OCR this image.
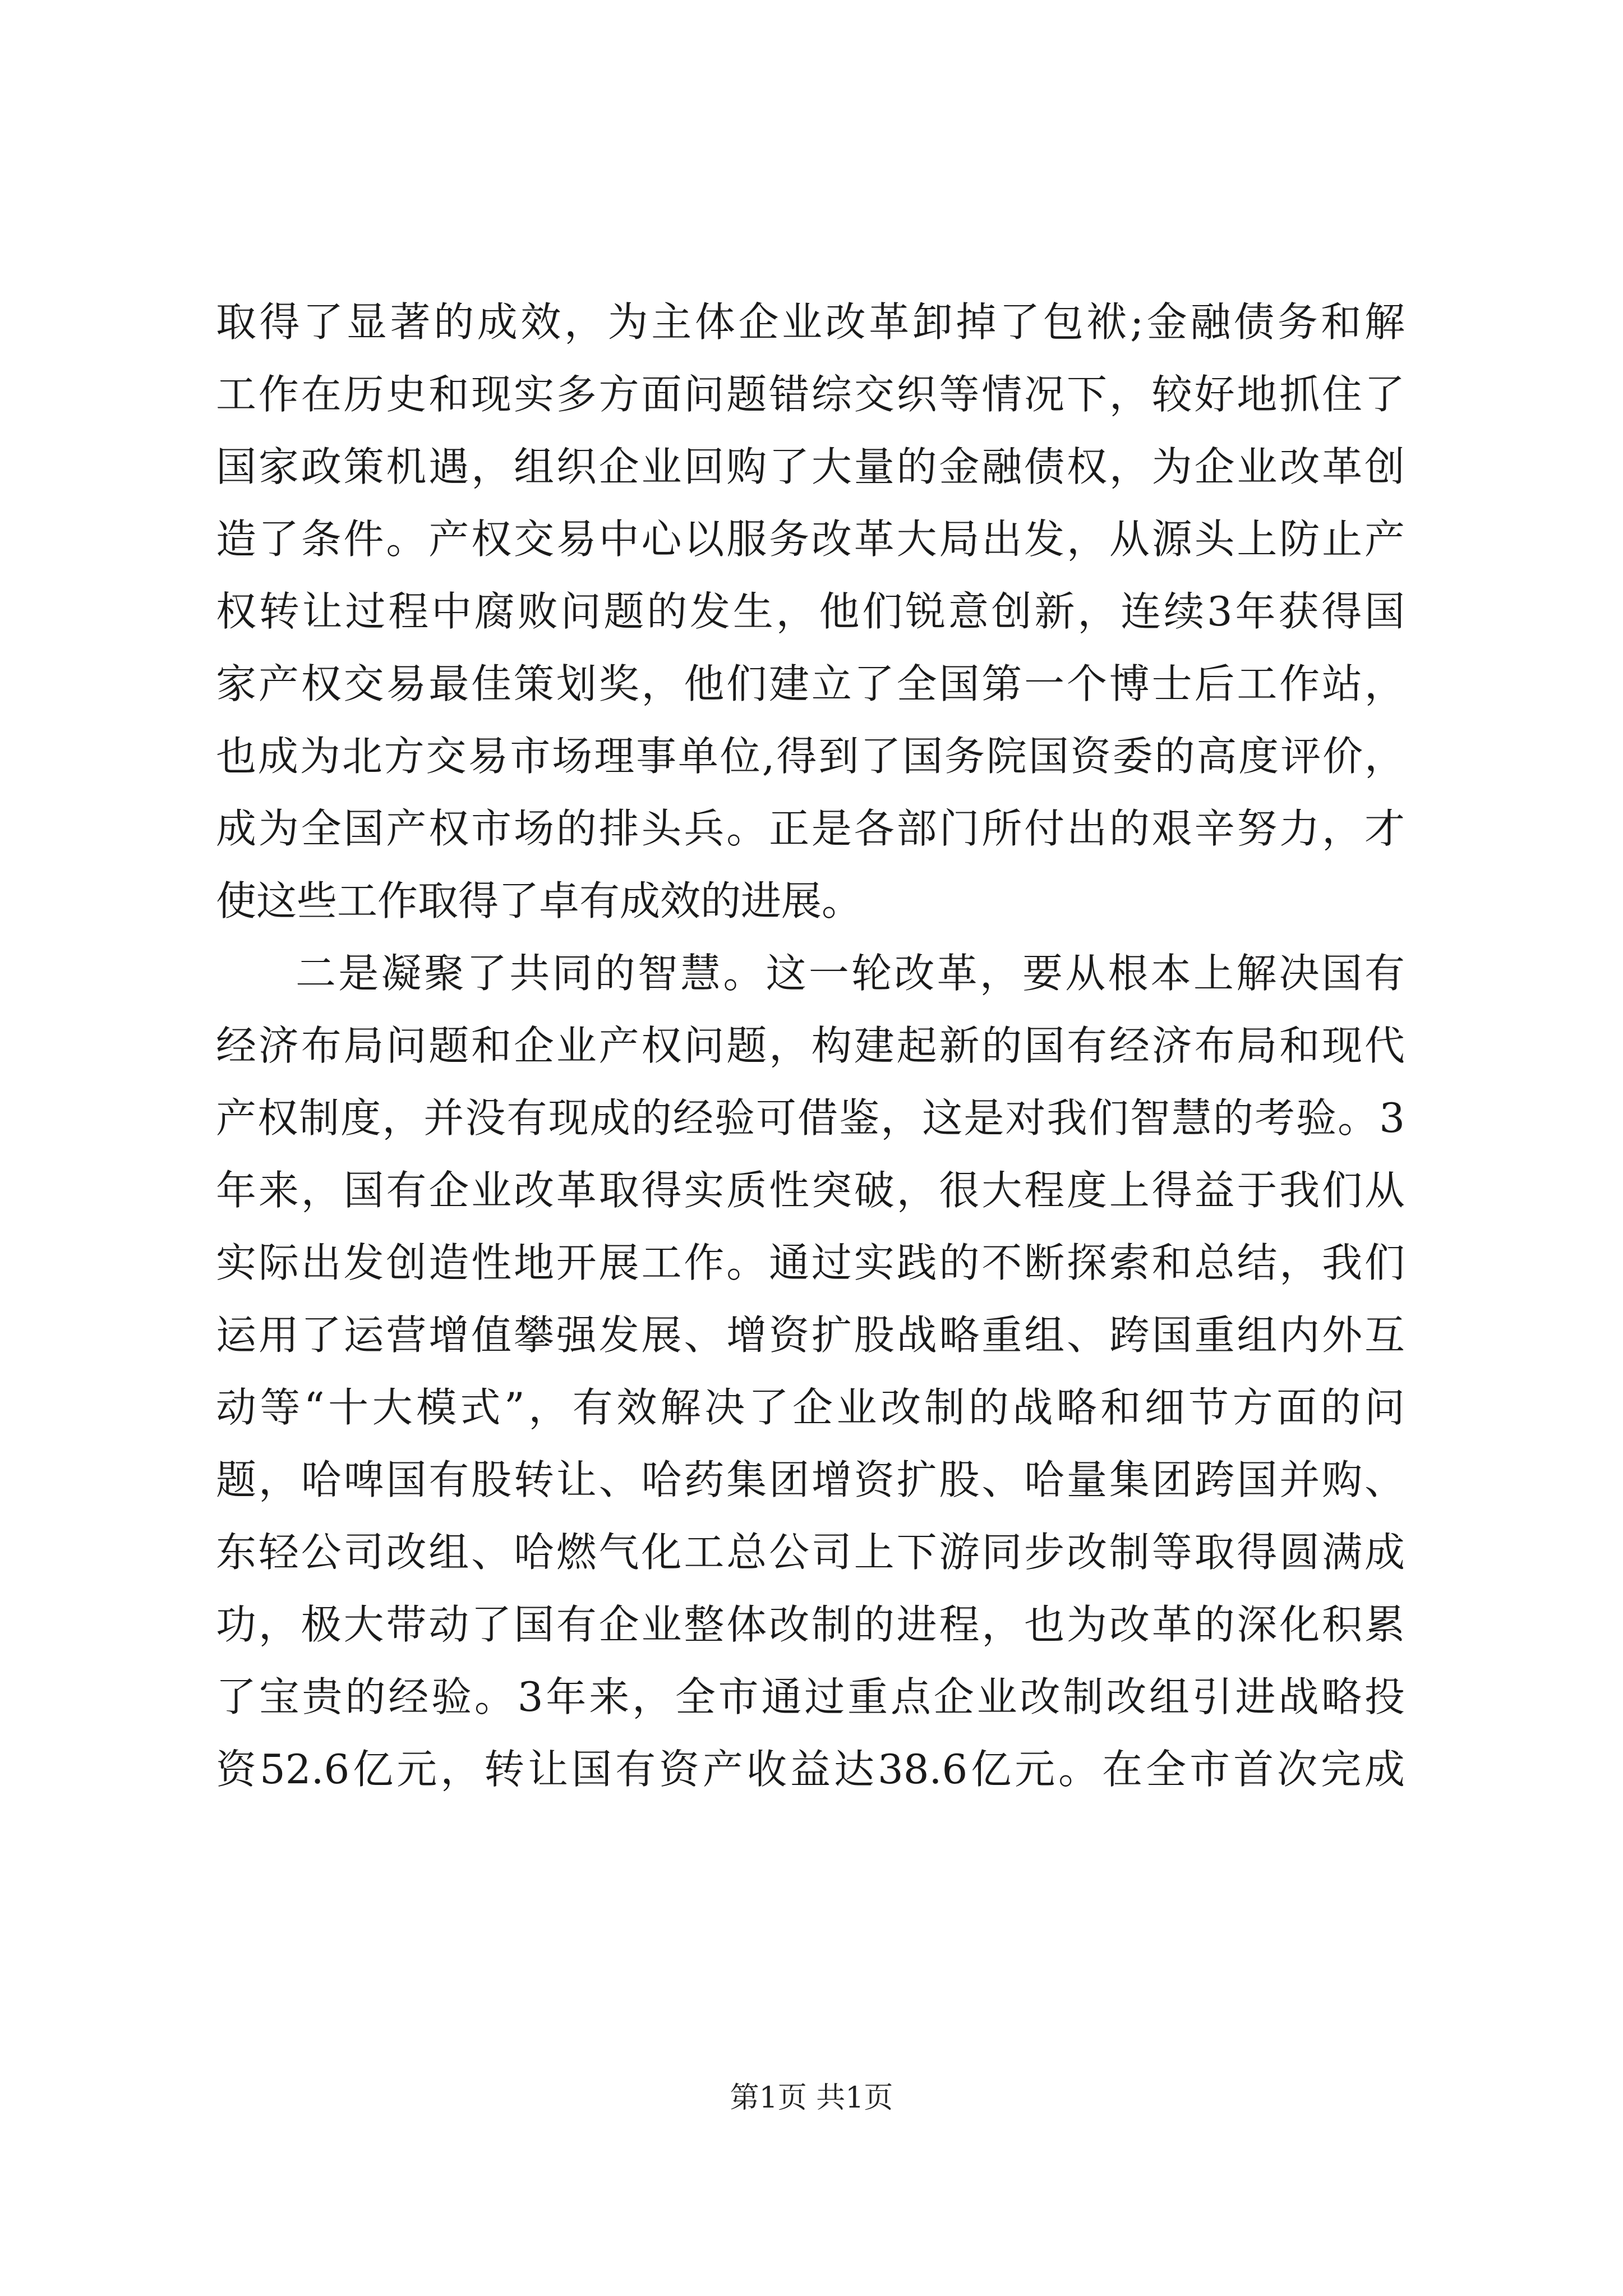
取得了显著的成效，为主体企业改革卸掉了包袱;金融债务和解
工作在历史和现实多方面问题错综交织等情况下，较好地抓住了
国家政策机遇，组织企业回购了大量的金融债权，为企业改革创
造了条件。产权交易中心以服务改革大局出发，从源头上防止产
权转让过程中腐败问题的发生，他们锐意创新，连续3年获得国
家产权交易最佳策划奖，他们建立了全国第一个博士后工作站，
也成为北方交易市场理事单位,得到了国务院国资委的高度评价，
成为全国产权市场的排头兵。正是各部门所付出的艰辛努力，才
使这些工作取得了卓有成效的进展。
二是凝聚了共同的智慧。这一轮改革，要从根本上解决国有
经济布局问题和企业产权问题，构建起新的国有经济布局和现代
产权制度，并没有现成的经验可借鉴，这是对我们智慧的考验。3
年来，国有企业改革取得实质性突破，很大程度上得益于我们从
实际出发创造性地开展工作。通过实践的不断探索和总结，我们
运用了运营增值攀强发展、增资扩股战略重组、跨国重组内外互
动等“十大模式”，有效解决了企业改制的战略和细节方面的问
题，哈啤国有股转让、哈药集团增资扩股、哈量集团跨国并购、
东轻公司改组、哈燃气化工总公司上下游同步改制等取得圆满成
功，极大带动了国有企业整体改制的进程，也为改革的深化积累
了宝贵的经验。3年来，全市通过重点企业改制改组引进战略投
资52.6亿元，转让国有资产收益达38.6亿元。在全市首次完成
第1页 共1页
